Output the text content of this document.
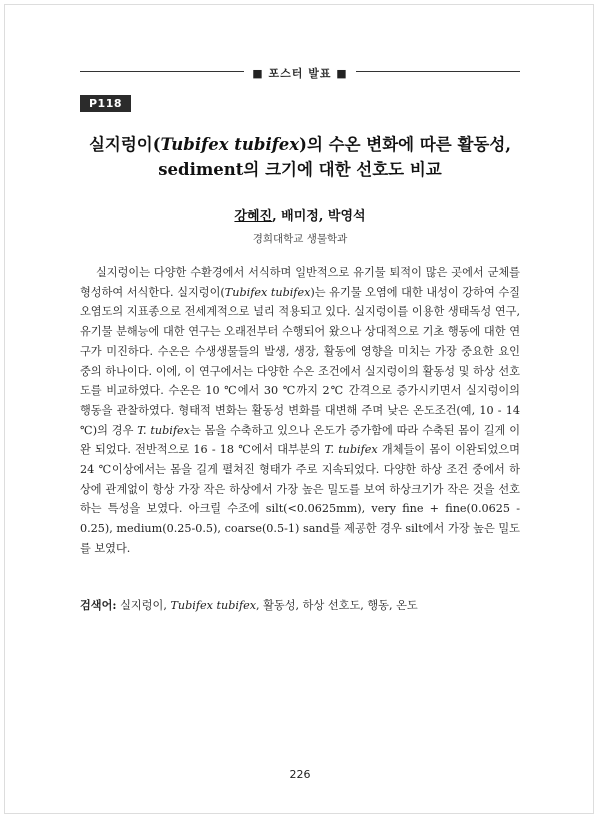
■ 포스터 발표 ■
P118
실지렁이(Tubifex tubifex)의 수온 변화에 따른 활동성,
sediment의 크기에 대한 선호도 비교
강혜진, 배미정, 박영석
경희대학교 생물학과

실지렁이는 다양한 수환경에서 서식하며 일반적으로 유기물 퇴적이 많은 곳에서 군체를 형성하여 서식한다. 실지렁이(Tubifex tubifex)는 유기물 오염에 대한 내성이 강하여 수질 오염도의 지표종으로 전세계적으로 널리 적용되고 있다. 실지렁이를 이용한 생태독성 연구, 유기물 분해능에 대한 연구는 오래전부터 수행되어 왔으나 상대적으로 기초 행동에 대한 연구가 미진하다. 수온은 수생생물들의 발생, 생장, 활동에 영향을 미치는 가장 중요한 요인 중의 하나이다. 이에, 이 연구에서는 다양한 수온 조건에서 실지렁이의 활동성 및 하상 선호도를 비교하였다. 수온은 10 ℃에서 30 ℃까지 2℃ 간격으로 증가시키면서 실지렁이의 행동을 관찰하였다. 형태적 변화는 활동성 변화를 대변해 주며 낮은 온도조건(예, 10 - 14 ℃)의 경우 T. tubifex는 몸을 수축하고 있으나 온도가 증가함에 따라 수축된 몸이 길게 이완 되었다. 전반적으로 16 - 18 ℃에서 대부분의 T. tubifex 개체들이 몸이 이완되었으며 24 ℃이상에서는 몸을 길게 펼쳐진 형태가 주로 지속되었다. 다양한 하상 조건 중에서 하상에 관계없이 항상 가장 작은 하상에서 가장 높은 밀도를 보여 하상크기가 작은 것을 선호하는 특성을 보였다. 아크릴 수조에 silt(<0.0625mm), very fine + fine(0.0625 - 0.25), medium(0.25-0.5), coarse(0.5-1) sand를 제공한 경우 silt에서 가장 높은 밀도를 보였다.

검색어: 실지렁이, Tubifex tubifex, 활동성, 하상 선호도, 행동, 온도
226
